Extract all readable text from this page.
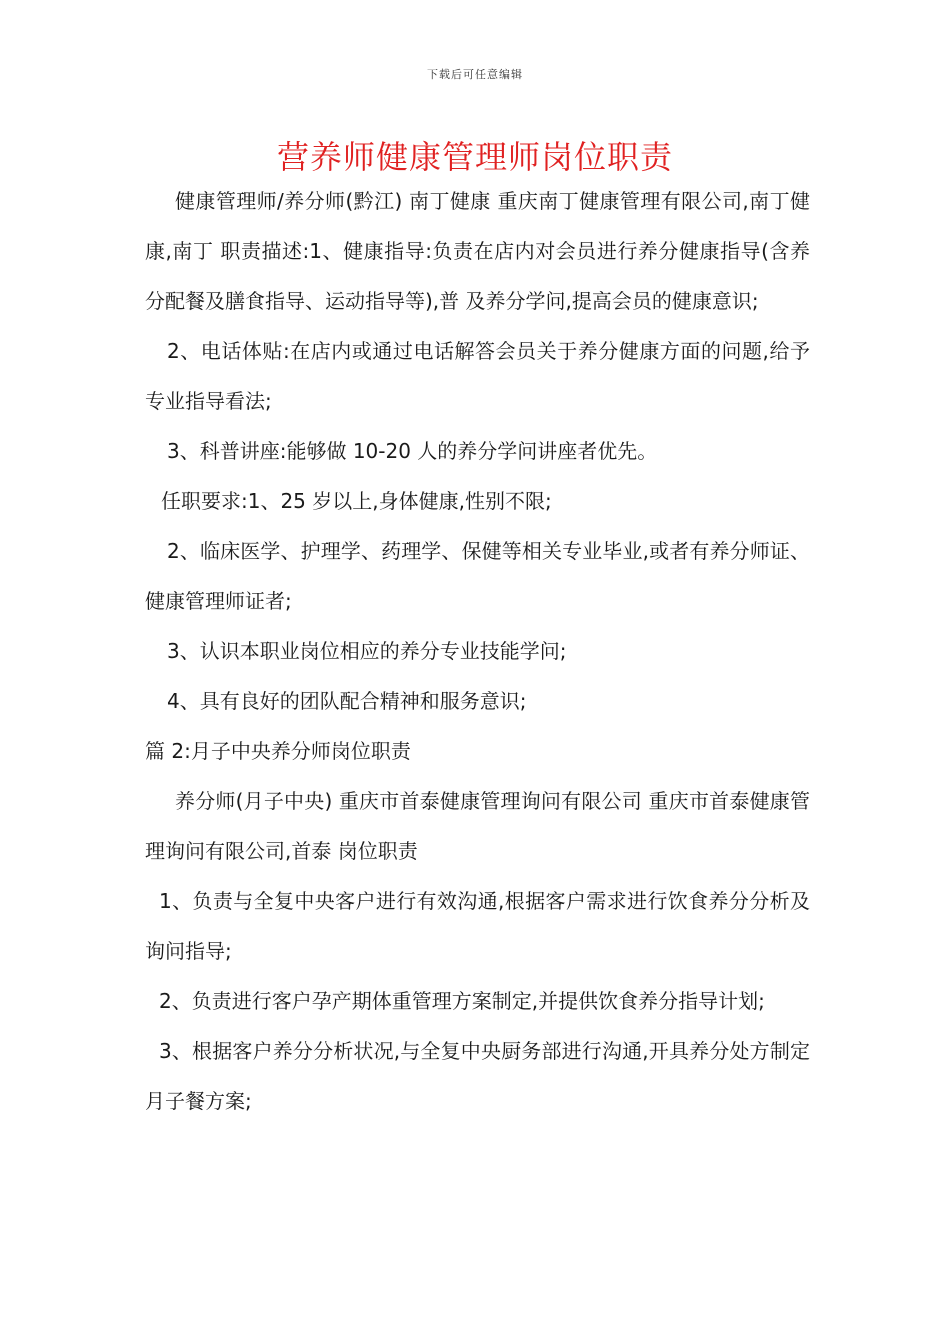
下载后可任意编辑
营养师健康管理师岗位职责

健康管理师/养分师(黔江) 南丁健康 重庆南丁健康管理有限公司,南丁健康,南丁 职责描述:1、健康指导:负责在店内对会员进行养分健康指导(含养分配餐及膳食指导、运动指导等),普 及养分学问,提高会员的健康意识;

2、电话体贴:在店内或通过电话解答会员关于养分健康方面的问题,给予专业指导看法;

3、科普讲座:能够做 10-20 人的养分学问讲座者优先。

任职要求:1、25 岁以上,身体健康,性别不限;

2、临床医学、护理学、药理学、保健等相关专业毕业,或者有养分师证、健康管理师证者;

3、认识本职业岗位相应的养分专业技能学问;

4、具有良好的团队配合精神和服务意识;

篇 2:月子中央养分师岗位职责

养分师(月子中央) 重庆市首泰健康管理询问有限公司 重庆市首泰健康管理询问有限公司,首泰 岗位职责

1、负责与全复中央客户进行有效沟通,根据客户需求进行饮食养分分析及询问指导;

2、负责进行客户孕产期体重管理方案制定,并提供饮食养分指导计划;

3、根据客户养分分析状况,与全复中央厨务部进行沟通,开具养分处方制定月子餐方案;
